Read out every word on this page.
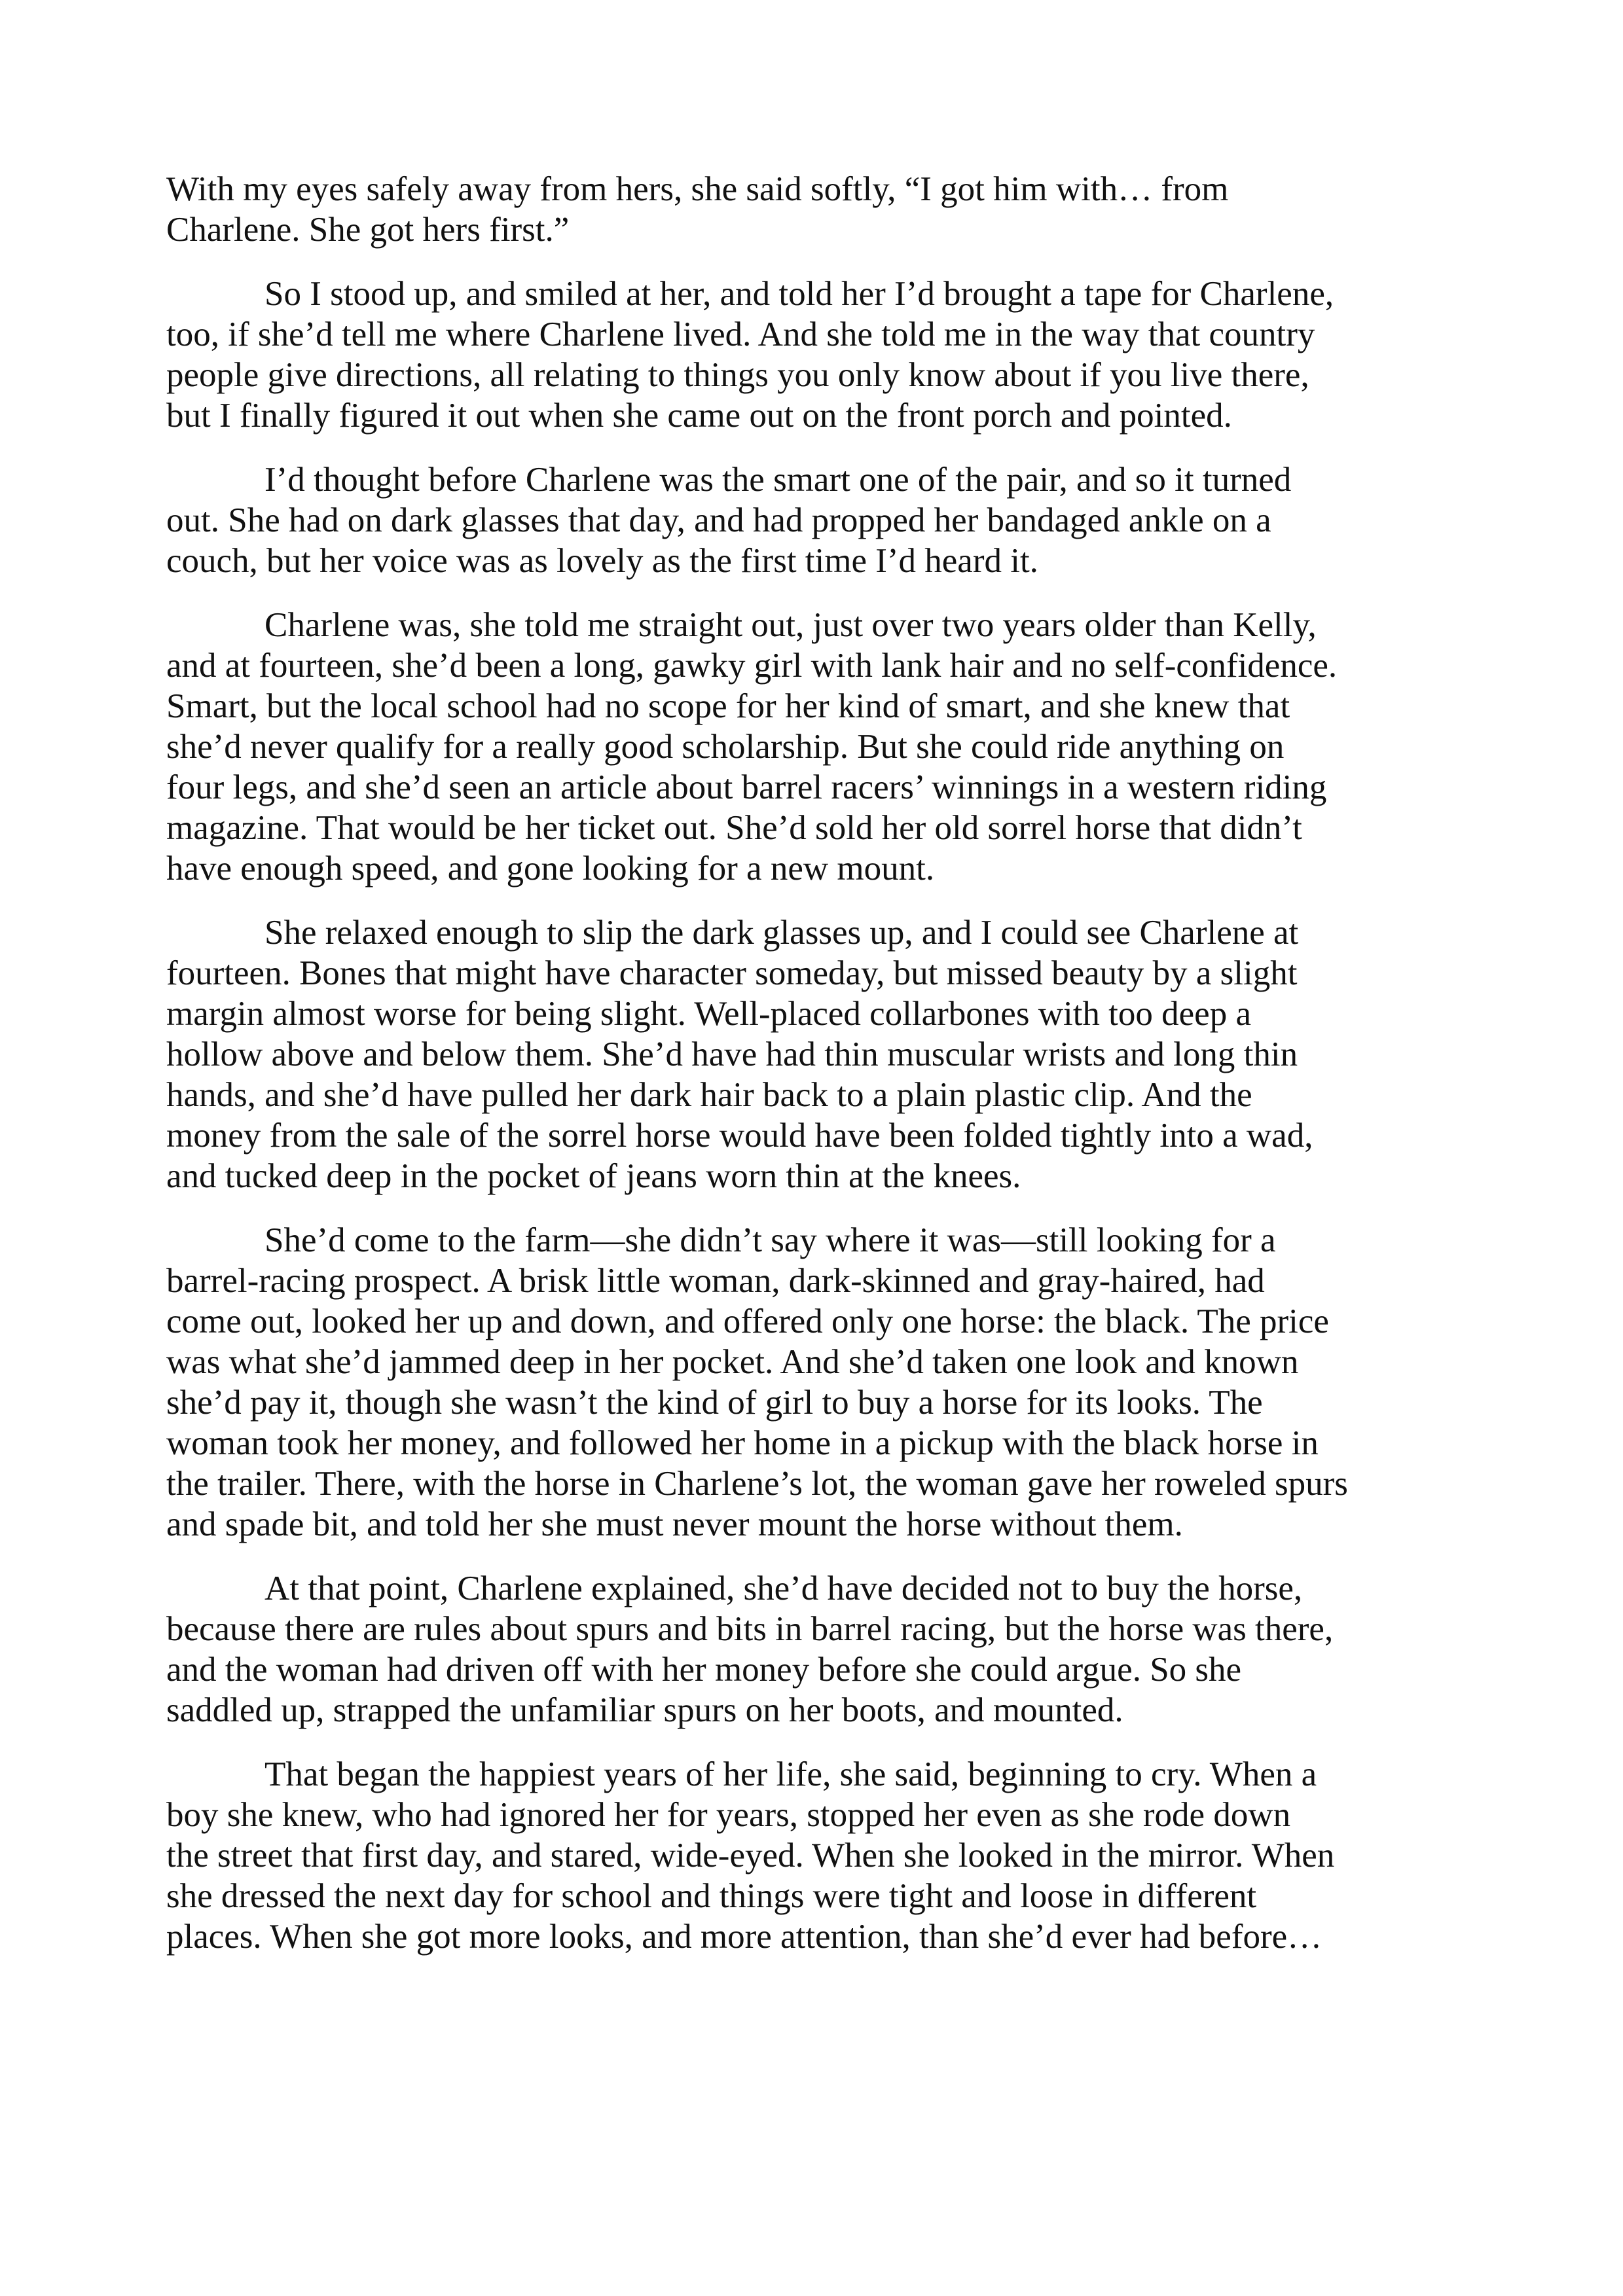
With my eyes safely away from hers, she said softly, “I got him with… from
Charlene. She got hers first.”
So I stood up, and smiled at her, and told her I’d brought a tape for Charlene,
too, if she’d tell me where Charlene lived. And she told me in the way that country
people give directions, all relating to things you only know about if you live there,
but I finally figured it out when she came out on the front porch and pointed.
I’d thought before Charlene was the smart one of the pair, and so it turned
out. She had on dark glasses that day, and had propped her bandaged ankle on a
couch, but her voice was as lovely as the first time I’d heard it.
Charlene was, she told me straight out, just over two years older than Kelly,
and at fourteen, she’d been a long, gawky girl with lank hair and no self-confidence.
Smart, but the local school had no scope for her kind of smart, and she knew that
she’d never qualify for a really good scholarship. But she could ride anything on
four legs, and she’d seen an article about barrel racers’ winnings in a western riding
magazine. That would be her ticket out. She’d sold her old sorrel horse that didn’t
have enough speed, and gone looking for a new mount.
She relaxed enough to slip the dark glasses up, and I could see Charlene at
fourteen. Bones that might have character someday, but missed beauty by a slight
margin almost worse for being slight. Well-placed collarbones with too deep a
hollow above and below them. She’d have had thin muscular wrists and long thin
hands, and she’d have pulled her dark hair back to a plain plastic clip. And the
money from the sale of the sorrel horse would have been folded tightly into a wad,
and tucked deep in the pocket of jeans worn thin at the knees.
She’d come to the farm—she didn’t say where it was—still looking for a
barrel-racing prospect. A brisk little woman, dark-skinned and gray-haired, had
come out, looked her up and down, and offered only one horse: the black. The price
was what she’d jammed deep in her pocket. And she’d taken one look and known
she’d pay it, though she wasn’t the kind of girl to buy a horse for its looks. The
woman took her money, and followed her home in a pickup with the black horse in
the trailer. There, with the horse in Charlene’s lot, the woman gave her roweled spurs
and spade bit, and told her she must never mount the horse without them.
At that point, Charlene explained, she’d have decided not to buy the horse,
because there are rules about spurs and bits in barrel racing, but the horse was there,
and the woman had driven off with her money before she could argue. So she
saddled up, strapped the unfamiliar spurs on her boots, and mounted.
That began the happiest years of her life, she said, beginning to cry. When a
boy she knew, who had ignored her for years, stopped her even as she rode down
the street that first day, and stared, wide-eyed. When she looked in the mirror. When
she dressed the next day for school and things were tight and loose in different
places. When she got more looks, and more attention, than she’d ever had before…
